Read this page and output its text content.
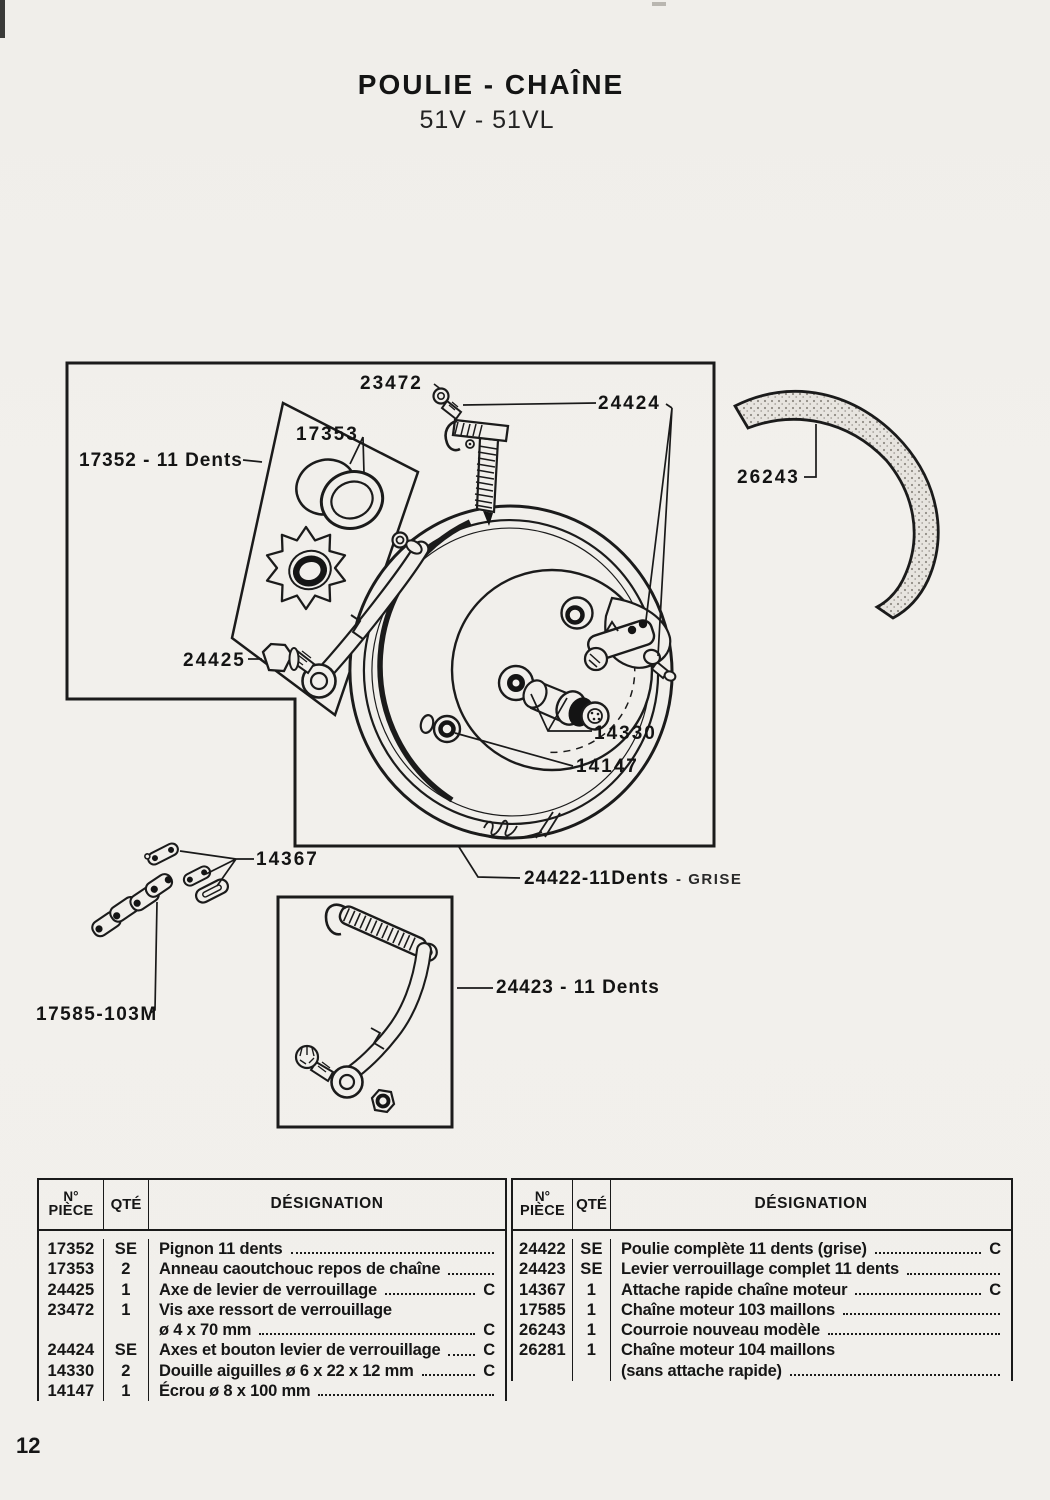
POULIE - CHAÎNE
51V - 51VL
23472
24424
17353
17352 - 11 Dents
26243
24425
14330
14147
14367
17585-103M
24422-11Dents - GRISE
24423 - 11 Dents
N°
PIÈCE	QTÉ	DÉSIGNATION
17352	SE	Pignon 11 dents
17353	2	Anneau caoutchouc repos de chaîne
24425	1	Axe de levier de verrouillage	C
23472	1	Vis axe ressort de verrouillage
ø 4 x 70 mm	C
24424	SE	Axes et bouton levier de verrouillage	C
14330	2	Douille aiguilles ø 6 x 22 x 12 mm	C
14147	1	Écrou ø 8 x 100 mm
N°
PIÈCE QTÉ	DÉSIGNATION
24422 SE	Poulie complète 11 dents (grise)	C
24423 SE	Levier verrouillage complet 11 dents
14367	1	Attache rapide chaîne moteur	C
17585	1	Chaîne moteur 103 maillons
26243	1	Courroie nouveau modèle
26281	1	Chaîne moteur 104 maillons
(sans attache rapide)
12
